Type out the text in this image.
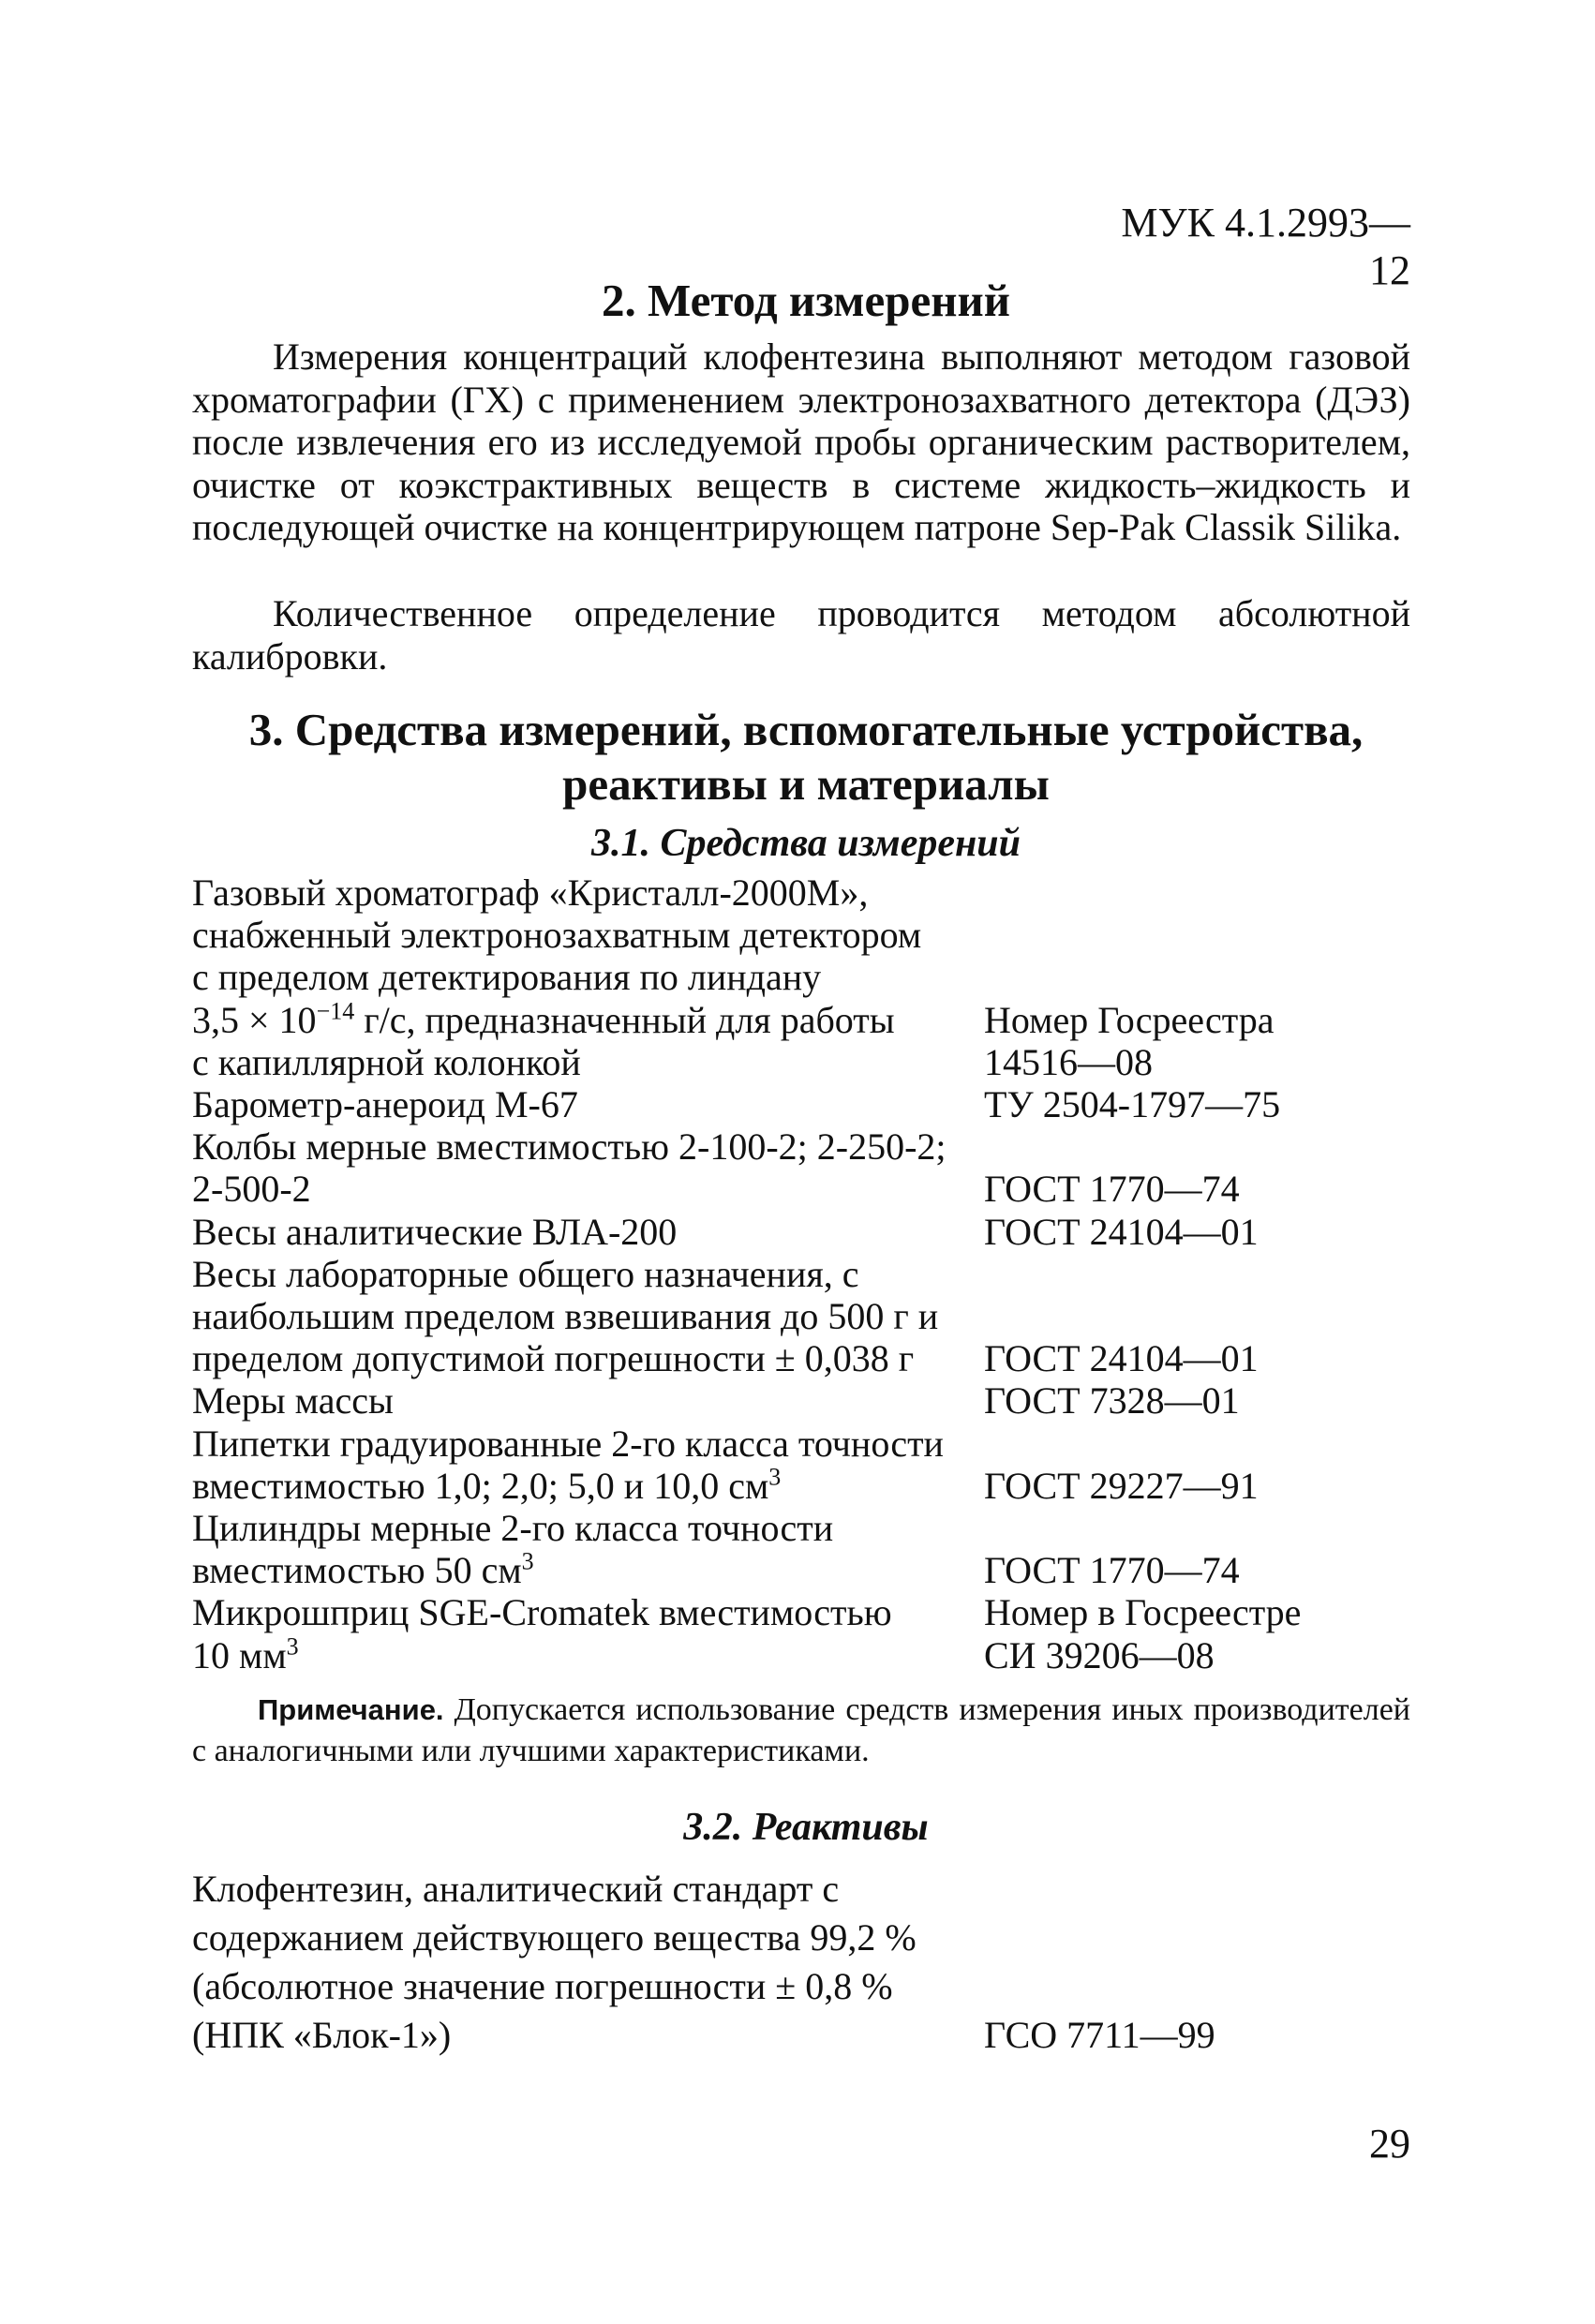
МУК 4.1.2993—12
2. Метод измерений
Измерения концентраций клофентезина выполняют методом газовой хроматографии (ГХ) с применением электронозахватного детектора (ДЭЗ) после извлечения его из исследуемой пробы органическим растворителем, очистке от коэкстрактивных веществ в системе жидкость–жидкость и последующей очистке на концентрирующем патроне Sep-Pak Classik Silika.
Количественное определение проводится методом абсолютной калибровки.
3. Средства измерений, вспомогательные устройства,
реактивы и материалы
3.1. Средства измерений
Газовый хроматограф «Кристалл-2000М»,
снабженный электронозахватным детектором
с пределом детектирования по линдану
$3,5 \times 10^{-14}$ г/с, предназначенный для работы	Номер Госреестра
с капиллярной колонкой	14516—08
Барометр-анероид М-67	ТУ 2504-1797—75
Колбы мерные вместимостью 2-100-2; 2-250-2;
2-500-2	ГОСТ 1770—74
Весы аналитические ВЛА-200	ГОСТ 24104—01
Весы лабораторные общего назначения, с
наибольшим пределом взвешивания до 500 г и
пределом допустимой погрешности ± 0,038 г	ГОСТ 24104—01
Меры массы	ГОСТ 7328—01
Пипетки градуированные 2-го класса точности
вместимостью 1,0; 2,0; 5,0 и 10,0 $см^3$	ГОСТ 29227—91
Цилиндры мерные 2-го класса точности
вместимостью 50 $см^3$	ГОСТ 1770—74
Микрошприц SGE-Cromatek вместимостью	Номер в Госреестре
10 $мм^3$	СИ 39206—08
Примечание. Допускается использование средств измерения иных производителей с аналогичными или лучшими характеристиками.
3.2. Реактивы
Клофентезин, аналитический стандарт с
содержанием действующего вещества 99,2 %
(абсолютное значение погрешности ± 0,8 %
(НПК «Блок-1»)	ГСО 7711—99
29
